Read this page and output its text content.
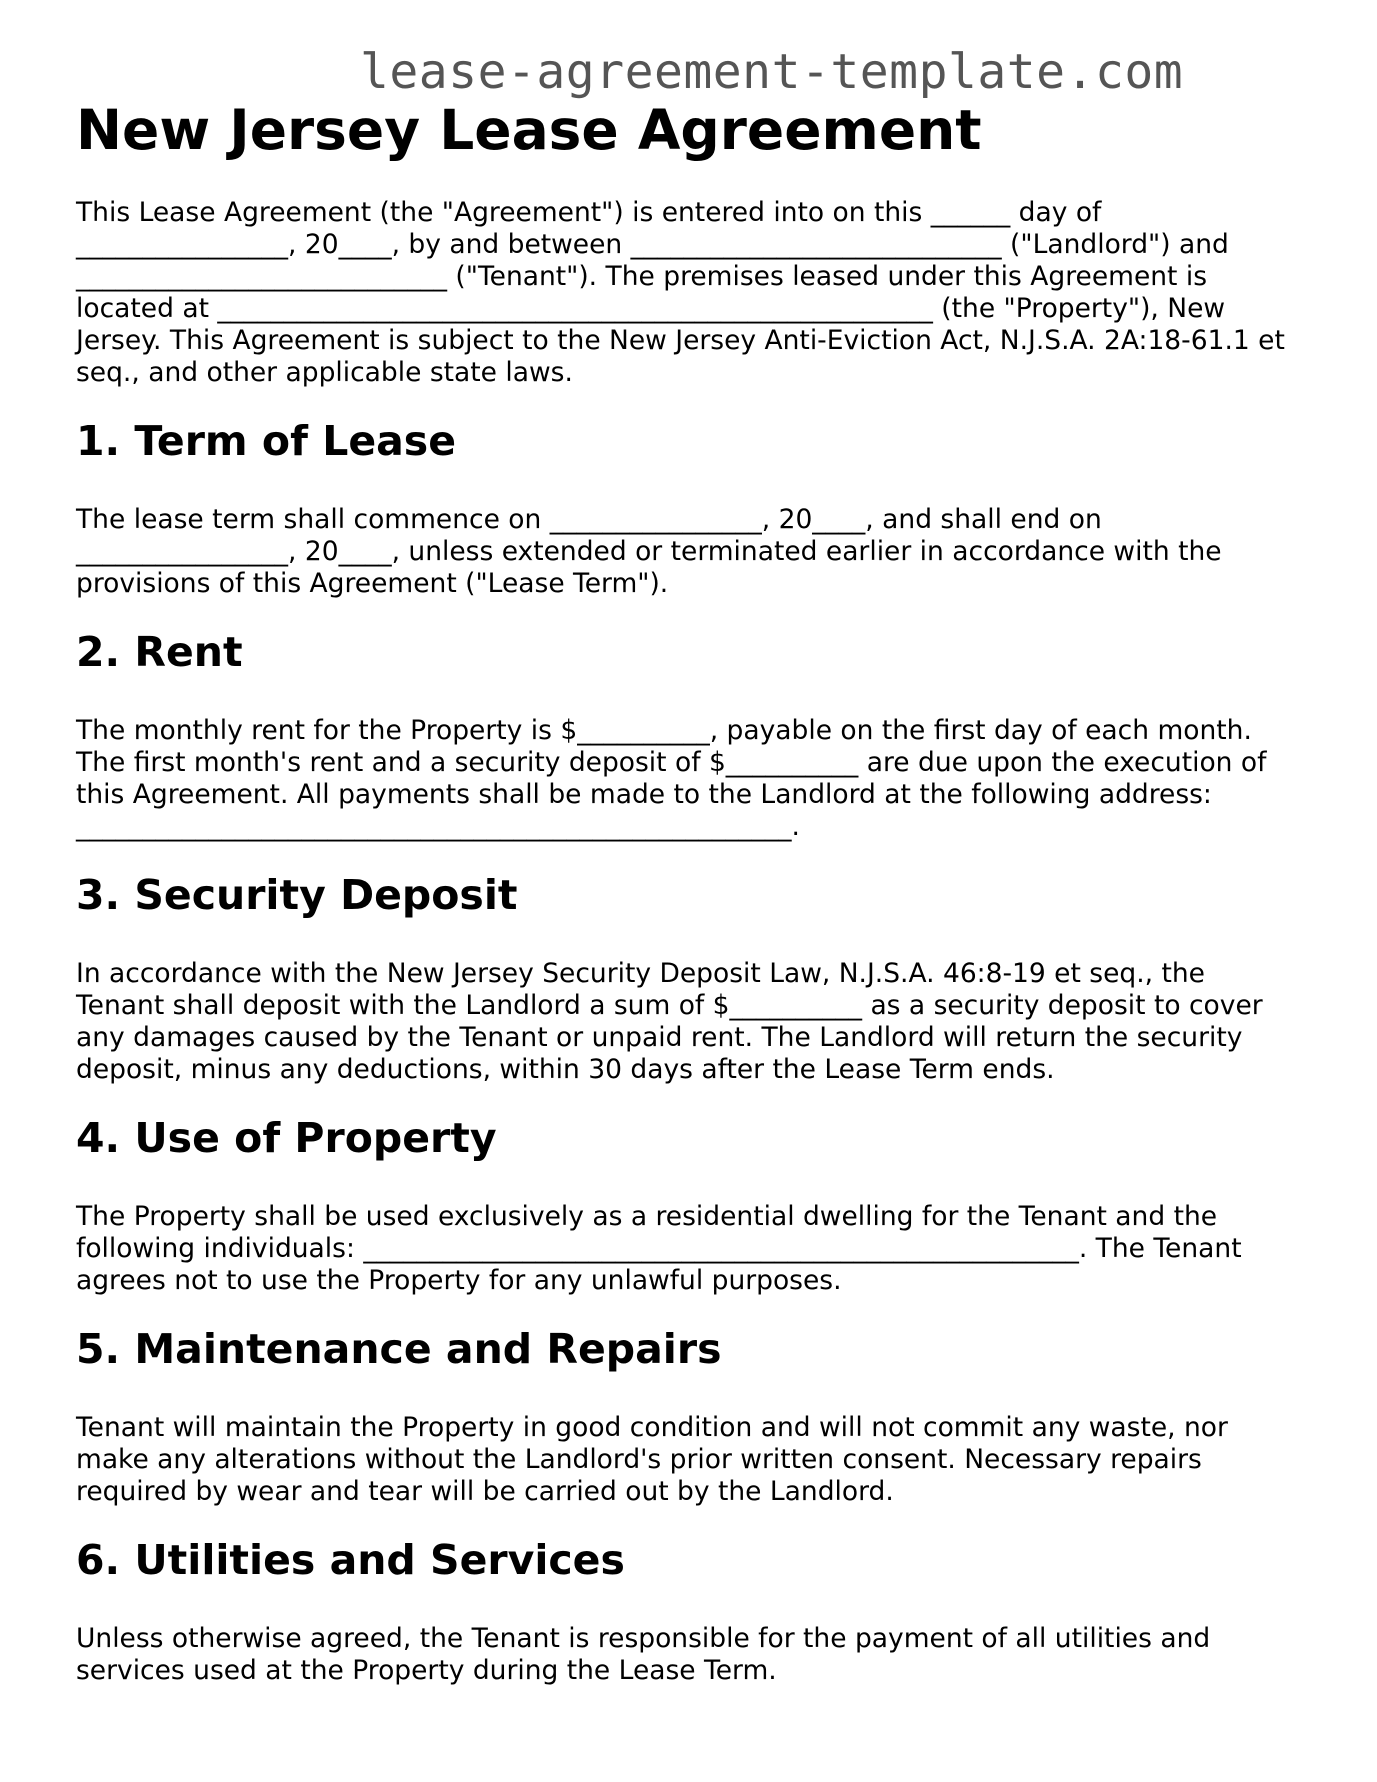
lease-agreement-template.com
New Jersey Lease Agreement

This Lease Agreement (the "Agreement") is entered into on this ______ day of
________________, 20____, by and between ____________________________ ("Landlord") and
____________________________ ("Tenant"). The premises leased under this Agreement is
located at ______________________________________________________ (the "Property"), New
Jersey. This Agreement is subject to the New Jersey Anti-Eviction Act, N.J.S.A. 2A:18-61.1 et
seq., and other applicable state laws.

1. Term of Lease

The lease term shall commence on ________________, 20____, and shall end on
________________, 20____, unless extended or terminated earlier in accordance with the
provisions of this Agreement ("Lease Term").

2. Rent

The monthly rent for the Property is $__________, payable on the first day of each month.
The first month's rent and a security deposit of $__________ are due upon the execution of
this Agreement. All payments shall be made to the Landlord at the following address:
______________________________________________________.

3. Security Deposit

In accordance with the New Jersey Security Deposit Law, N.J.S.A. 46:8-19 et seq., the
Tenant shall deposit with the Landlord a sum of $__________ as a security deposit to cover
any damages caused by the Tenant or unpaid rent. The Landlord will return the security
deposit, minus any deductions, within 30 days after the Lease Term ends.

4. Use of Property

The Property shall be used exclusively as a residential dwelling for the Tenant and the
following individuals: ______________________________________________________. The Tenant
agrees not to use the Property for any unlawful purposes.

5. Maintenance and Repairs

Tenant will maintain the Property in good condition and will not commit any waste, nor
make any alterations without the Landlord's prior written consent. Necessary repairs
required by wear and tear will be carried out by the Landlord.

6. Utilities and Services

Unless otherwise agreed, the Tenant is responsible for the payment of all utilities and
services used at the Property during the Lease Term.
